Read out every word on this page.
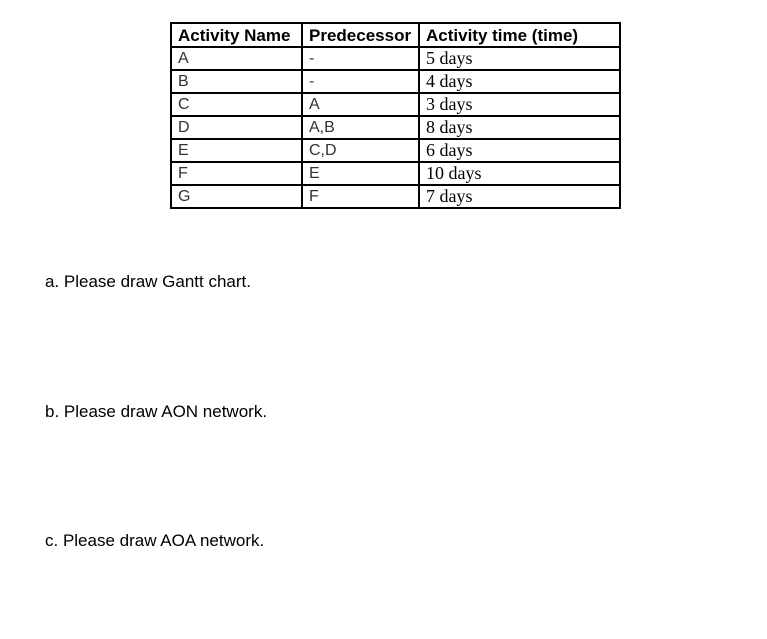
Activity Name	Predecessor	Activity time (time)
A	-	5 days
B	-	4 days
C	A	3 days
D	A,B	8 days
E	C,D	6 days
F	E	10 days
G	F	7 days

a. Please draw Gantt chart.

b. Please draw AON network.

c. Please draw AOA network.
